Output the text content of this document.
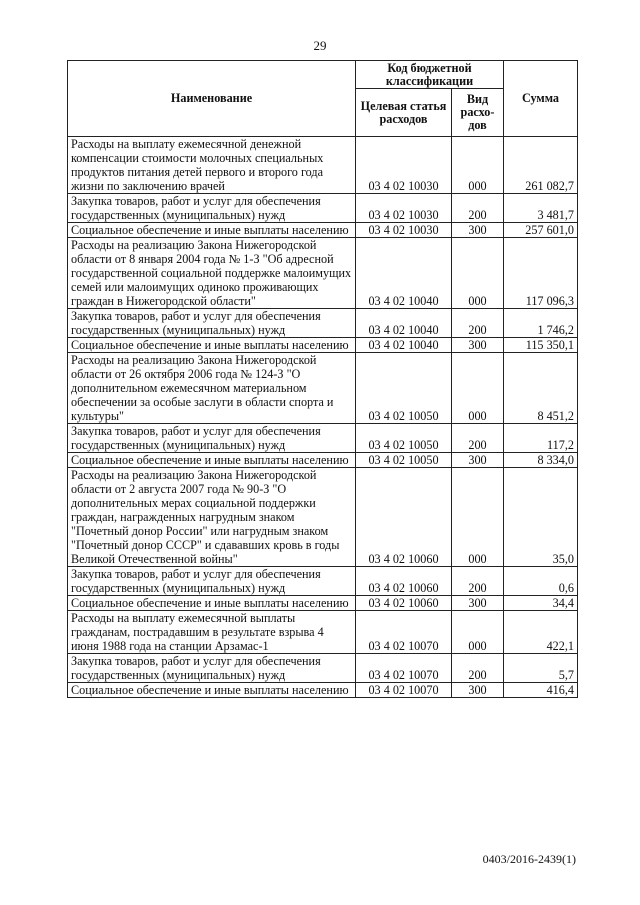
29
Наименование	Код бюджетной классификации		Сумма
	Целевая статья расходов	Вид расхо-дов	
Расходы на выплату ежемесячной денежной компенсации стоимости молочных специальных продуктов питания детей первого и второго года жизни по заключению врачей	03 4 02 10030	000	261 082,7
Закупка товаров, работ и услуг для обеспечения государственных (муниципальных) нужд	03 4 02 10030	200	3 481,7
Социальное обеспечение и иные выплаты населению	03 4 02 10030	300	257 601,0
Расходы на реализацию Закона Нижегородской области от 8 января 2004 года № 1-З "Об адресной государственной социальной поддержке малоимущих семей или малоимущих одиноко проживающих граждан в Нижегородской области"	03 4 02 10040	000	117 096,3
Закупка товаров, работ и услуг для обеспечения государственных (муниципальных) нужд	03 4 02 10040	200	1 746,2
Социальное обеспечение и иные выплаты населению	03 4 02 10040	300	115 350,1
Расходы на реализацию Закона Нижегородской области от 26 октября 2006 года № 124-З "О дополнительном ежемесячном материальном обеспечении за особые заслуги в области спорта и культуры"	03 4 02 10050	000	8 451,2
Закупка товаров, работ и услуг для обеспечения государственных (муниципальных) нужд	03 4 02 10050	200	117,2
Социальное обеспечение и иные выплаты населению	03 4 02 10050	300	8 334,0
Расходы на реализацию Закона Нижегородской области от 2 августа 2007 года № 90-З "О дополнительных мерах социальной поддержки граждан, награжденных нагрудным знаком "Почетный донор России" или нагрудным знаком "Почетный донор СССР" и сдававших кровь в годы Великой Отечественной войны"	03 4 02 10060	000	35,0
Закупка товаров, работ и услуг для обеспечения государственных (муниципальных) нужд	03 4 02 10060	200	0,6
Социальное обеспечение и иные выплаты населению	03 4 02 10060	300	34,4
Расходы на выплату ежемесячной выплаты гражданам, пострадавшим в результате взрыва 4 июня 1988 года на станции Арзамас-1	03 4 02 10070	000	422,1
Закупка товаров, работ и услуг для обеспечения государственных (муниципальных) нужд	03 4 02 10070	200	5,7
Социальное обеспечение и иные выплаты населению	03 4 02 10070	300	416,4
0403/2016-2439(1)
